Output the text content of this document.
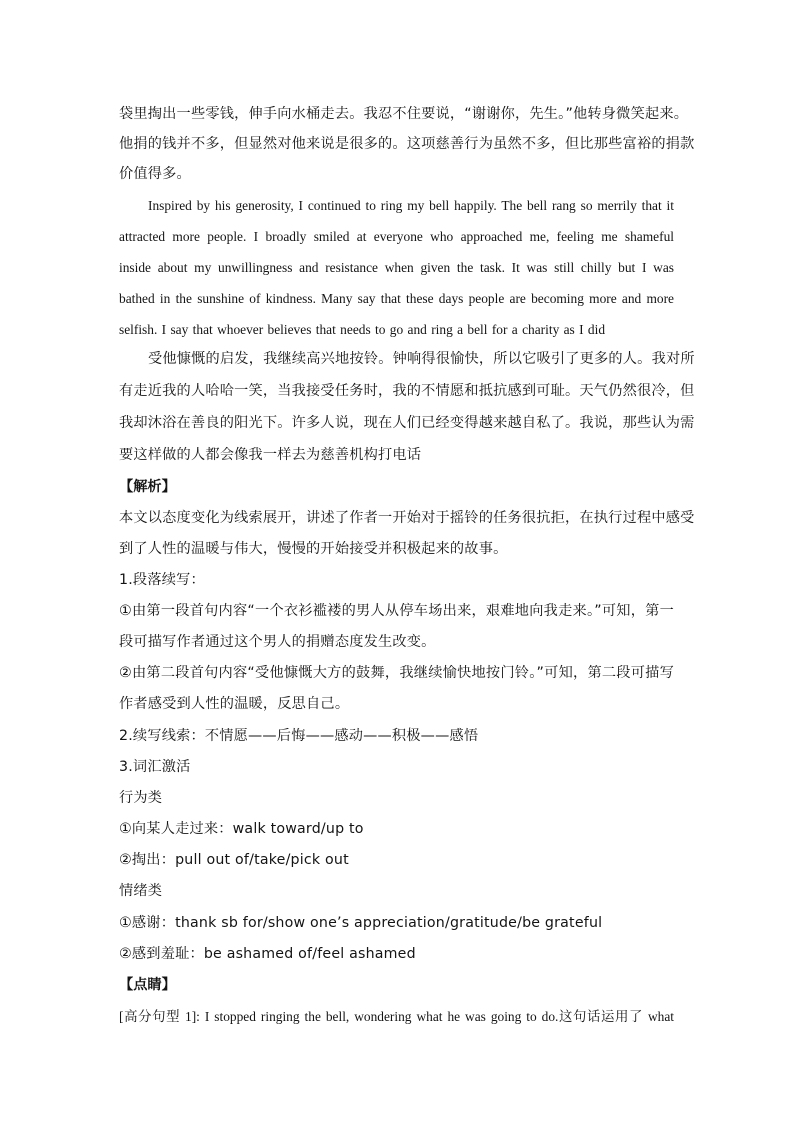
袋里掏出一些零钱，伸手向水桶走去。我忍不住要说，“谢谢你，先生。”他转身微笑起来。
他捐的钱并不多，但显然对他来说是很多的。这项慈善行为虽然不多，但比那些富裕的捐款
价值得多。
Inspired by his generosity, I continued to ring my bell happily. The bell rang so merrily that it
attracted more people. I broadly smiled at everyone who approached me, feeling me shameful
inside about my unwillingness and resistance when given the task. It was still chilly but I was
bathed in the sunshine of kindness. Many say that these days people are becoming more and more
selfish. I say that whoever believes that needs to go and ring a bell for a charity as I did
受他慷慨的启发，我继续高兴地按铃。钟响得很愉快，所以它吸引了更多的人。我对所
有走近我的人哈哈一笑，当我接受任务时，我的不情愿和抵抗感到可耻。天气仍然很冷，但
我却沐浴在善良的阳光下。许多人说，现在人们已经变得越来越自私了。我说，那些认为需
要这样做的人都会像我一样去为慈善机构打电话
【解析】
本文以态度变化为线索展开，讲述了作者一开始对于摇铃的任务很抗拒，在执行过程中感受
到了人性的温暖与伟大，慢慢的开始接受并积极起来的故事。
1.段落续写：
①由第一段首句内容“一个衣衫褴褛的男人从停车场出来，艰难地向我走来。”可知，第一
段可描写作者通过这个男人的捐赠态度发生改变。
②由第二段首句内容“受他慷慨大方的鼓舞，我继续愉快地按门铃。”可知，第二段可描写
作者感受到人性的温暖，反思自己。
2.续写线索：不情愿——后悔——感动——积极——感悟
3.词汇激活
行为类
①向某人走过来：walk toward/up to
②掏出：pull out of/take/pick out
情绪类
①感谢：thank sb for/show one’s appreciation/gratitude/be grateful
②感到羞耻：be ashamed of/feel ashamed
【点睛】
[高分句型 1]: I stopped ringing the bell, wondering what he was going to do.这句话运用了 what
